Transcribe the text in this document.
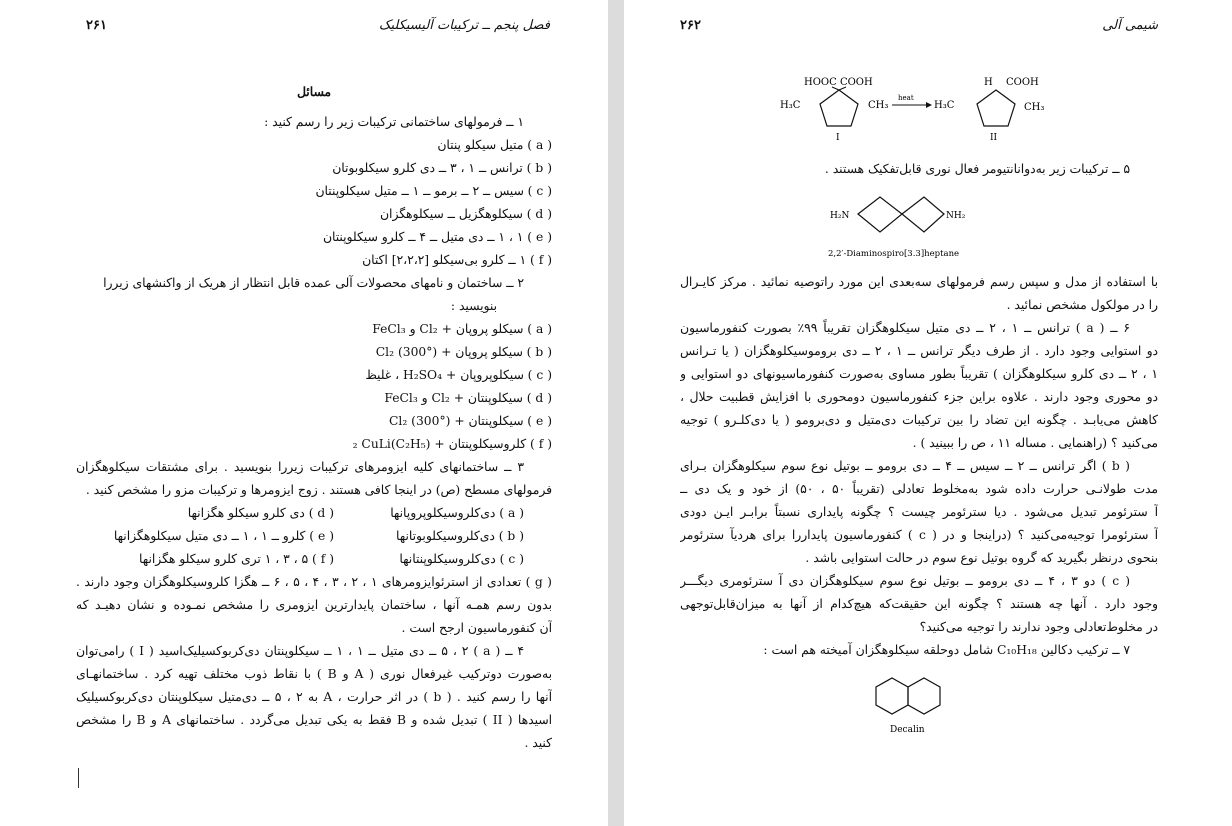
فصل پنجم ــ ترکیبات آلیسیکلیک
۲۶۱
مسائل
۱ ــ فرمولهای ساختمانی ترکیبات زیر را رسم کنید :
( a ) متیل سیکلو پنتان
( b ) ترانس ــ ۱ ، ۳ ــ دی کلرو سیکلوبوتان
( c ) سیس ــ ۲ ــ برمو ــ ۱ ــ متیل سیکلوپنتان
( d ) سیکلوهگزیل ــ سیکلوهگزان
( e ) ۱ ، ۱ ــ دی متیل ــ ۴ ــ کلرو سیکلوپنتان
( f ) ۱ ــ کلرو بی‌سیکلو [۲،۲،۲] اکتان
۲ ــ ساختمان و نامهای محصولات آلی عمده قابل انتظار از هریک از واکنشهای زیررا
بنویسید :
( a ) سیکلو پروپان + Cl₂ و FeCl₃
( b ) سیکلو پروپان + Cl₂ (300°)
( c ) سیکلوپروپان + H₂SO₄ ، غلیظ
( d ) سیکلوپنتان + Cl₂ و FeCl₃
( e ) سیکلوپنتان + Cl₂ (300°)
( f ) کلروسیکلوپنتان + (C₂H₅)₂ CuLi
۳ ــ ساختمانهای کلیه ایزومرهای ترکیبات زیررا بنویسید . برای مشتقات سیکلوهگزان
فرمولهای مسطح (ص) در اینجا کافی هستند . زوج ایزومرها و ترکیبات مزو را مشخص کنید .
( a ) دی‌کلروسیکلوپروپانها
( b ) دی‌کلروسیکلوبوتانها
( c ) دی‌کلروسیکلوپنتانها
( d ) دی کلرو سیکلو هگزانها
( e ) کلرو ــ ۱ ، ۱ ــ دی متیل سیکلوهگزانها
( f ) ۱ ، ۳ ، ۵ تری کلرو سیکلو هگزانها
( g ) تعدادی از استرئوایزومرهای ۱ ، ۲ ، ۳ ، ۴ ، ۵ ، ۶ ــ هگزا کلروسیکلوهگزان وجود دارند .
بدون رسم همـه آنها ، ساختمان پایدارترین ایزومری را مشخص نمـوده و نشان دهیـد که
آن کنفورماسیون ارجح است .
۴ ــ ( a ) ۵ ، ۲ ــ دی متیل ــ ۱ ، ۱ ــ سیکلوپنتان دی‌کربوکسیلیک‌اسید ( I ) رامی‌توان
به‌صورت دوترکیب غیرفعال نوری ( A و B ) با نقاط ذوب مختلف تهیه کرد . ساختمانهـای
آنها را رسم کنید . ( b ) در اثر حرارت ، A به ۲ ، ۵ ــ دی‌متیل سیکلوپنتان دی‌کربوکسیلیک
اسیدها ( II ) تبدیل شده و B فقط به یکی تبدیل می‌گردد . ساختمانهای A و B را مشخص
کنید .
شیمی آلی
۲۶۲
HOOC COOH
H₃C	CH₃
I
heat
H COOH
H₃C	CH₃
II
۵ ــ ترکیبات زیر به‌دوانانتیومر فعال نوری قابل‌تفکیک هستند .
H₂N	NH₂
2,2′-Diaminospiro[3.3]heptane
با استفاده از مدل و سپس رسم فرمولهای سه‌بعدی این مورد راتوصیه نمائید . مرکز کایـرال
را در مولکول مشخص نمائید .
۶ ــ ( a ) ترانس ــ ۱ ، ۲ ــ دی متیل سیکلوهگزان تقریباً ۹۹٪ بصورت کنفورماسیون
دو استوایی وجود دارد . از طرف دیگر ترانس ــ ۱ ، ۲ ــ دی بروموسیکلوهگزان ( یا تـرانس
۱ ، ۲ ــ دی کلرو سیکلوهگزان ) تقریباً بطور مساوی به‌صورت کنفورماسیونهای دو استوایی و
دو محوری وجود دارند . علاوه براین جزء کنفورماسیون دومحوری با افزایش قطبیت حلال ،
کاهش می‌یابـد . چگونه این تضاد را بین ترکیبات دی‌متیل و دی‌برومو ( یا دی‌کلـرو ) توجیه
می‌کنید ؟ (راهنمایی . مساله ۱۱ ، ص را ببینید ) .
( b ) اگر ترانس ــ ۲ ــ سیس ــ ۴ ــ دی برومو ــ بوتیل نوع سوم سیکلوهگزان بـرای
مدت طولانـی حرارت داده شود به‌مخلوط تعادلی (تقریباً ۵۰ ، ۵۰) از خود و یک دی ــ
آ سترئومر تبدیل می‌شود . دیا سترئومر چیست ؟ چگونه پایداری نسبتاً برابـر ایـن دودی
آ سترئومرا توجیه‌می‌کنید ؟ (دراینجا و در ( c ) کنفورماسیون پایداررا برای هردیآ سترئومر
بنحوی درنظر بگیرید که گروه بوتیل نوع سوم در حالت استوایی باشد .
( c ) دو ۳ ، ۴ ــ دی برومو ــ بوتیل نوع سوم سیکلوهگزان دی آ سترئومری دیگـــر
وجود دارد . آنها چه هستند ؟ چگونه این حقیقت‌که هیچ‌کدام از آنها به میزان‌قابل‌توجهی
در مخلوط‌تعادلی وجود ندارند را توجیه می‌کنید؟
۷ ــ ترکیب دکالین C₁₀H₁₈ شامل دوحلقه سیکلوهگزان آمیخته هم است :
Decalin
